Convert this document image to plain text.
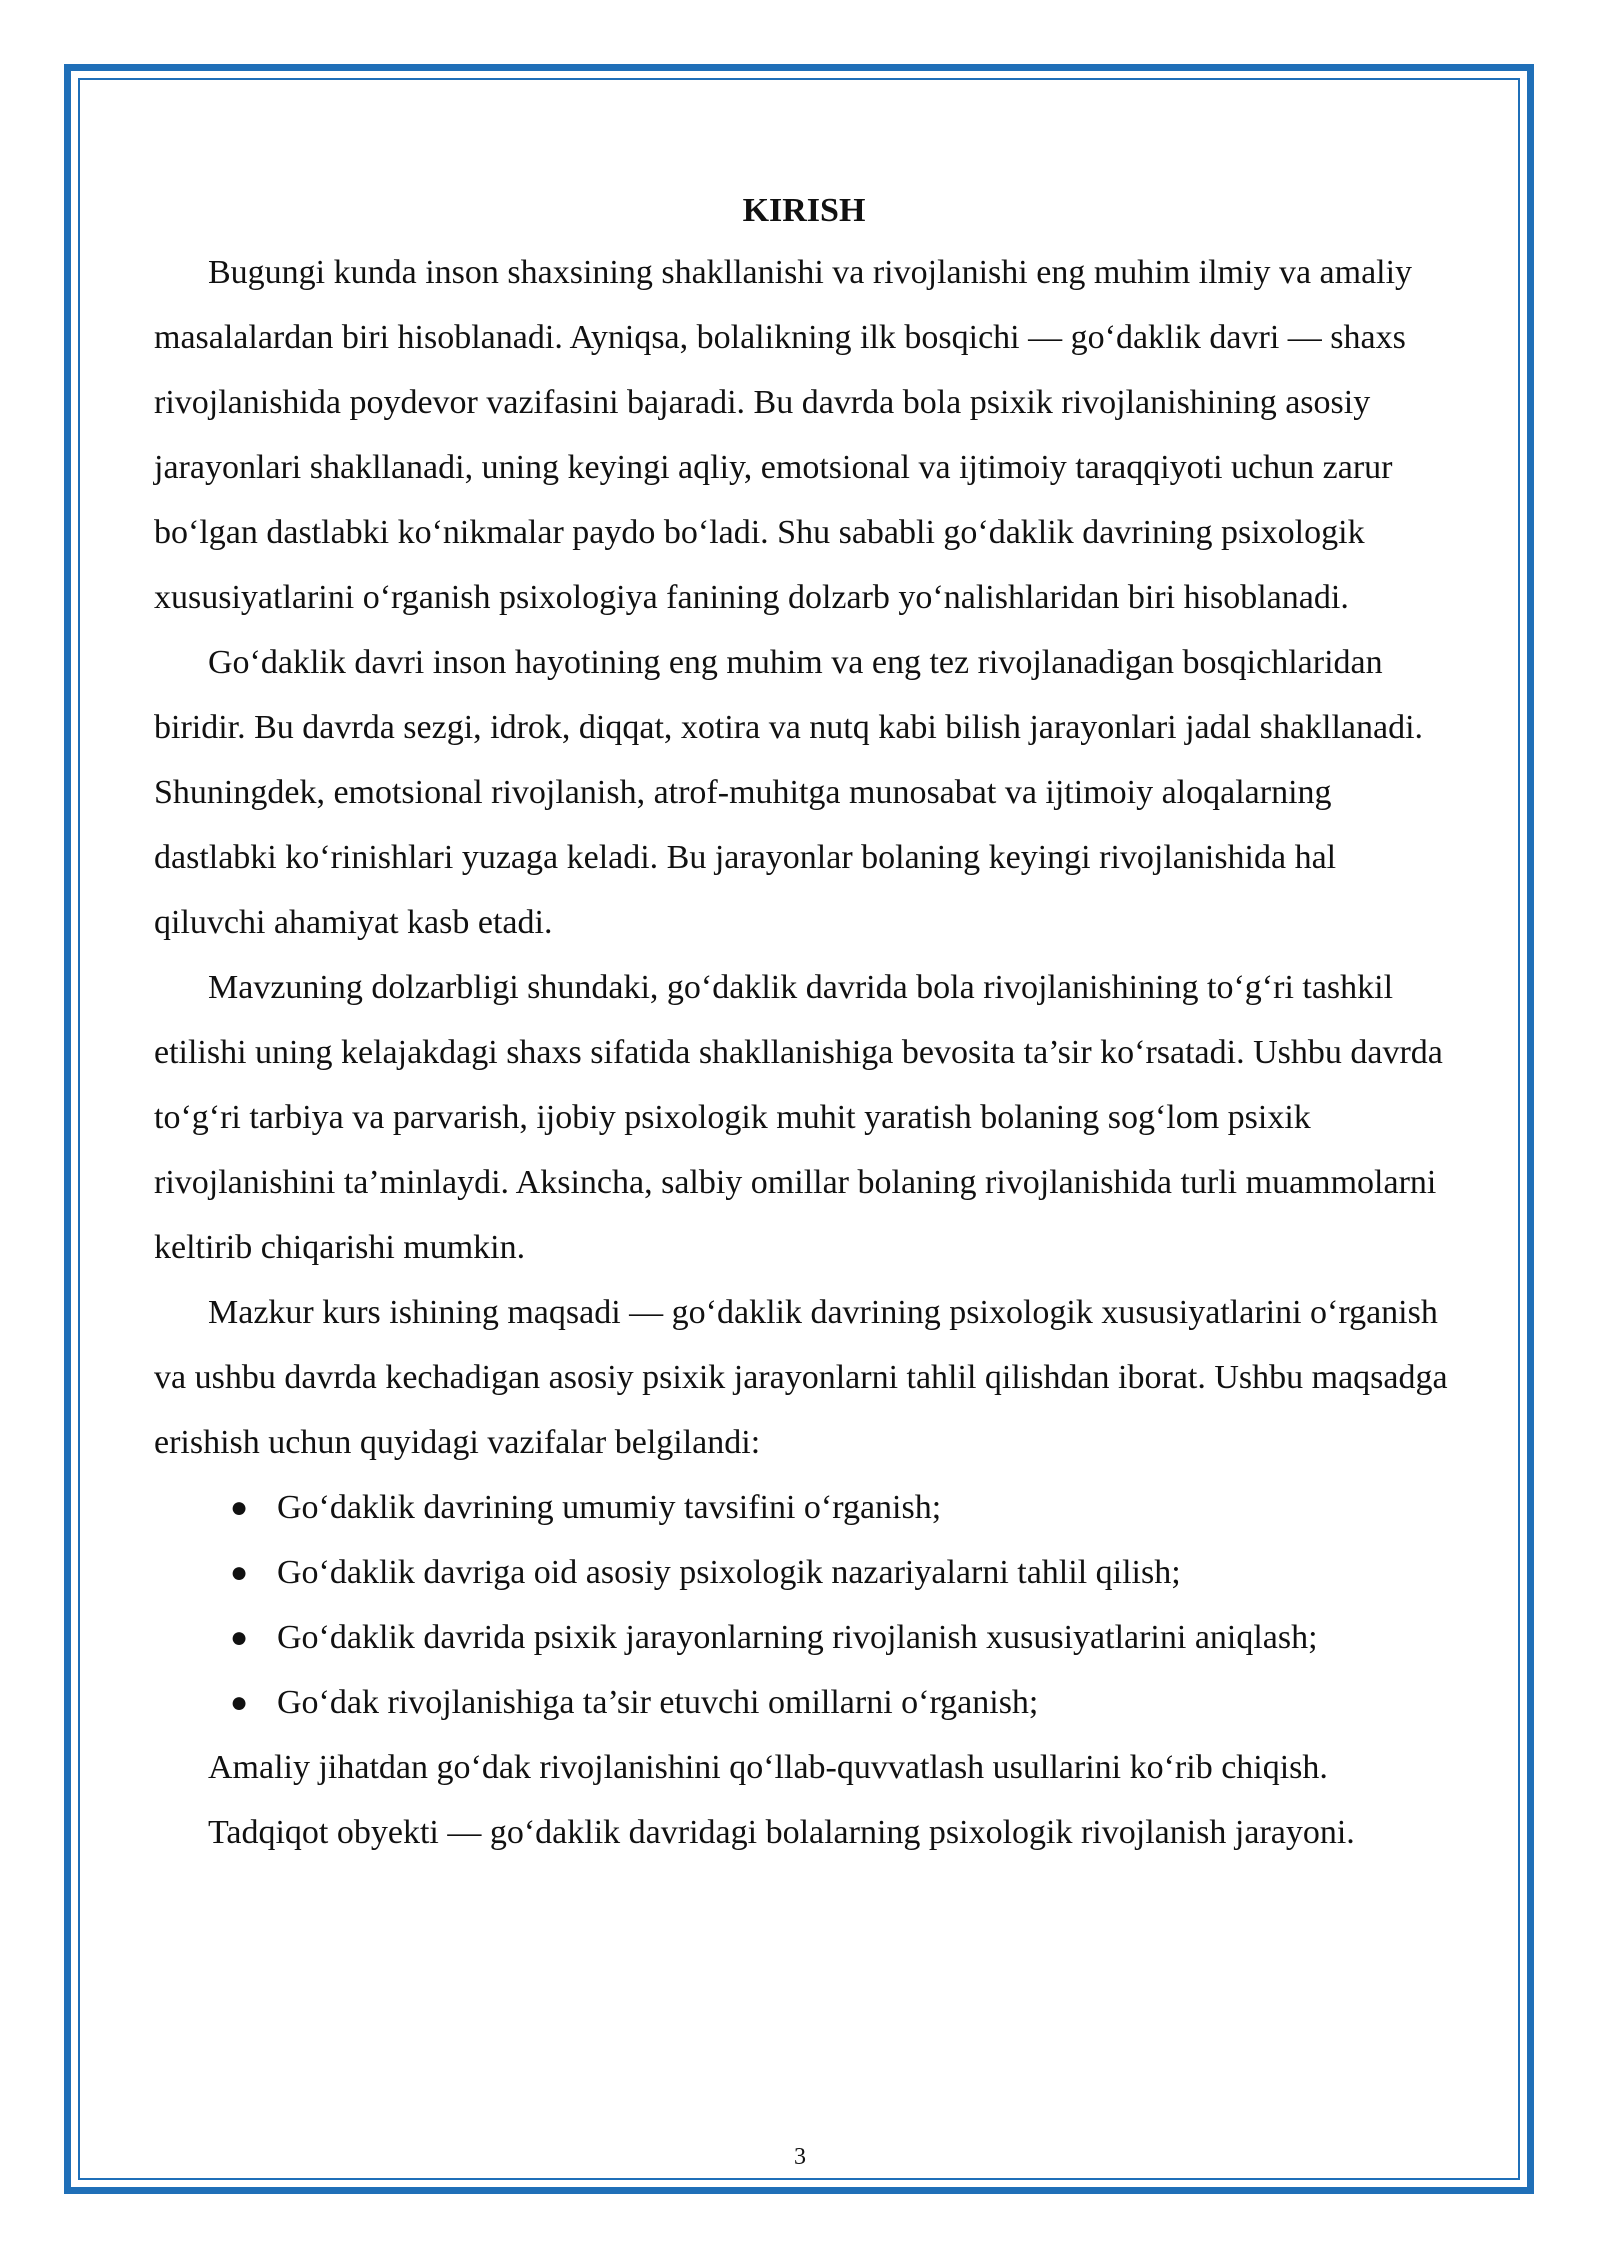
KIRISH

Bugungi kunda inson shaxsining shakllanishi va rivojlanishi eng muhim ilmiy va amaliy masalalardan biri hisoblanadi. Ayniqsa, bolalikning ilk bosqichi — go‘daklik davri — shaxs rivojlanishida poydevor vazifasini bajaradi. Bu davrda bola psixik rivojlanishining asosiy jarayonlari shakllanadi, uning keyingi aqliy, emotsional va ijtimoiy taraqqiyoti uchun zarur bo‘lgan dastlabki ko‘nikmalar paydo bo‘ladi. Shu sababli go‘daklik davrining psixologik xususiyatlarini o‘rganish psixologiya fanining dolzarb yo‘nalishlaridan biri hisoblanadi.

Go‘daklik davri inson hayotining eng muhim va eng tez rivojlanadigan bosqichlaridan biridir. Bu davrda sezgi, idrok, diqqat, xotira va nutq kabi bilish jarayonlari jadal shakllanadi. Shuningdek, emotsional rivojlanish, atrof-muhitga munosabat va ijtimoiy aloqalarning dastlabki ko‘rinishlari yuzaga keladi. Bu jarayonlar bolaning keyingi rivojlanishida hal qiluvchi ahamiyat kasb etadi.

Mavzuning dolzarbligi shundaki, go‘daklik davrida bola rivojlanishining to‘g‘ri tashkil etilishi uning kelajakdagi shaxs sifatida shakllanishiga bevosita ta’sir ko‘rsatadi. Ushbu davrda to‘g‘ri tarbiya va parvarish, ijobiy psixologik muhit yaratish bolaning sog‘lom psixik rivojlanishini ta’minlaydi. Aksincha, salbiy omillar bolaning rivojlanishida turli muammolarni keltirib chiqarishi mumkin.

Mazkur kurs ishining maqsadi — go‘daklik davrining psixologik xususiyatlarini o‘rganish va ushbu davrda kechadigan asosiy psixik jarayonlarni tahlil qilishdan iborat. Ushbu maqsadga erishish uchun quyidagi vazifalar belgilandi:

● Go‘daklik davrining umumiy tavsifini o‘rganish;
● Go‘daklik davriga oid asosiy psixologik nazariyalarni tahlil qilish;
● Go‘daklik davrida psixik jarayonlarning rivojlanish xususiyatlarini aniqlash;
● Go‘dak rivojlanishiga ta’sir etuvchi omillarni o‘rganish;

Amaliy jihatdan go‘dak rivojlanishini qo‘llab-quvvatlash usullarini ko‘rib chiqish.

Tadqiqot obyekti — go‘daklik davridagi bolalarning psixologik rivojlanish jarayoni.

3
